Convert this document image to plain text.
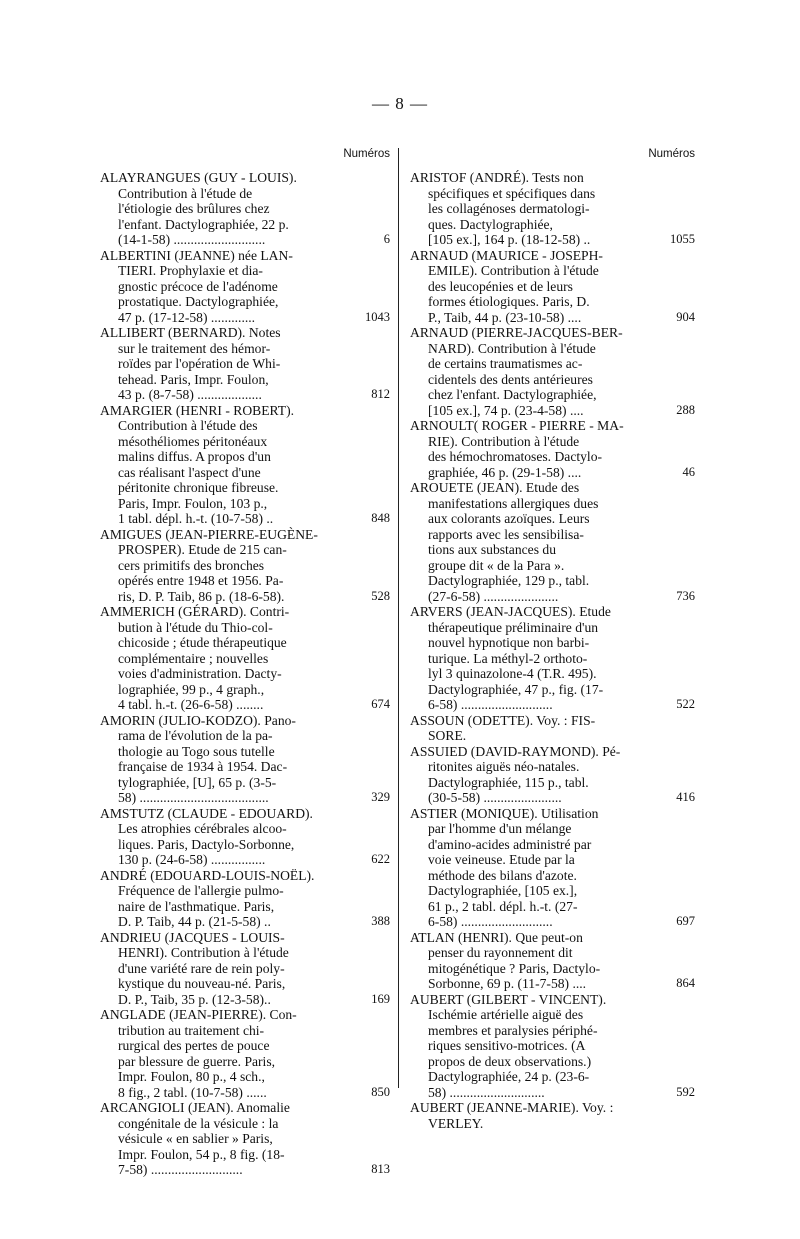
— 8 —
Numéros
ALAYRANGUES (GUY - LOUIS).
Contribution à l'étude de
l'étiologie des brûlures chez
l'enfant. Dactylographiée, 22 p.
(14-1-58) ...........................	6
ALBERTINI (JEANNE) née LAN-
TIERI. Prophylaxie et dia-
gnostic précoce de l'adénome
prostatique. Dactylographiée,
47 p. (17-12-58) .............	1043
ALLIBERT (BERNARD). Notes
sur le traitement des hémor-
roïdes par l'opération de Whi-
tehead. Paris, Impr. Foulon,
43 p. (8-7-58) ...................	812
AMARGIER (HENRI - ROBERT).
Contribution à l'étude des
mésothéliomes péritonéaux
malins diffus. A propos d'un
cas réalisant l'aspect d'une
péritonite chronique fibreuse.
Paris, Impr. Foulon, 103 p.,
1 tabl. dépl. h.-t. (10-7-58) ..	848
AMIGUES (JEAN-PIERRE-EUGÈNE-
PROSPER). Etude de 215 can-
cers primitifs des bronches
opérés entre 1948 et 1956. Pa-
ris, D. P. Taib, 86 p. (18-6-58).	528
AMMERICH (GÉRARD). Contri-
bution à l'étude du Thio-col-
chicoside ; étude thérapeutique
complémentaire ; nouvelles
voies d'administration. Dacty-
lographiée, 99 p., 4 graph.,
4 tabl. h.-t. (26-6-58) ........	674
AMORIN (JULIO-KODZO). Pano-
rama de l'évolution de la pa-
thologie au Togo sous tutelle
française de 1934 à 1954. Dac-
tylographiée, [U], 65 p. (3-5-
58) ......................................	329
AMSTUTZ (CLAUDE - EDOUARD).
Les atrophies cérébrales alcoo-
liques. Paris, Dactylo-Sorbonne,
130 p. (24-6-58) ................	622
ANDRÉ (EDOUARD-LOUIS-NOËL).
Fréquence de l'allergie pulmo-
naire de l'asthmatique. Paris,
D. P. Taib, 44 p. (21-5-58) ..	388
ANDRIEU (JACQUES - LOUIS-
HENRI). Contribution à l'étude
d'une variété rare de rein poly-
kystique du nouveau-né. Paris,
D. P., Taib, 35 p. (12-3-58)..	169
ANGLADE (JEAN-PIERRE). Con-
tribution au traitement chi-
rurgical des pertes de pouce
par blessure de guerre. Paris,
Impr. Foulon, 80 p., 4 sch.,
8 fig., 2 tabl. (10-7-58) ......	850
ARCANGIOLI (JEAN). Anomalie
congénitale de la vésicule : la
vésicule « en sablier » Paris,
Impr. Foulon, 54 p., 8 fig. (18-
7-58) ...........................	813
Numéros
ARISTOF (ANDRÉ). Tests non
spécifiques et spécifiques dans
les collagénoses dermatologi-
ques. Dactylographiée,
[105 ex.], 164 p. (18-12-58) ..	1055
ARNAUD (MAURICE - JOSEPH-
EMILE). Contribution à l'étude
des leucopénies et de leurs
formes étiologiques. Paris, D.
P., Taib, 44 p. (23-10-58) ....	904
ARNAUD (PIERRE-JACQUES-BER-
NARD). Contribution à l'étude
de certains traumatismes ac-
cidentels des dents antérieures
chez l'enfant. Dactylographiée,
[105 ex.], 74 p. (23-4-58) ....	288
ARNOULT( ROGER - PIERRE - MA-
RIE). Contribution à l'étude
des hémochromatoses. Dactylo-
graphiée, 46 p. (29-1-58) ....	46
AROUETE (JEAN). Etude des
manifestations allergiques dues
aux colorants azoïques. Leurs
rapports avec les sensibilisa-
tions aux substances du
groupe dit « de la Para ».
Dactylographiée, 129 p., tabl.
(27-6-58) ......................	736
ARVERS (JEAN-JACQUES). Etude
thérapeutique préliminaire d'un
nouvel hypnotique non barbi-
turique. La méthyl-2 orthoto-
lyl 3 quinazolone-4 (T.R. 495).
Dactylographiée, 47 p., fig. (17-
6-58) ...........................	522
ASSOUN (ODETTE). Voy. : FIS-
SORE.
ASSUIED (DAVID-RAYMOND). Pé-
ritonites aiguës néo-natales.
Dactylographiée, 115 p., tabl.
(30-5-58) .......................	416
ASTIER (MONIQUE). Utilisation
par l'homme d'un mélange
d'amino-acides administré par
voie veineuse. Etude par la
méthode des bilans d'azote.
Dactylographiée, [105 ex.],
61 p., 2 tabl. dépl. h.-t. (27-
6-58) ...........................	697
ATLAN (HENRI). Que peut-on
penser du rayonnement dit
mitogénétique ? Paris, Dactylo-
Sorbonne, 69 p. (11-7-58) ....	864
AUBERT (GILBERT - VINCENT).
Ischémie artérielle aiguë des
membres et paralysies périphé-
riques sensitivo-motrices. (A
propos de deux observations.)
Dactylographiée, 24 p. (23-6-
58) ............................	592
AUBERT (JEANNE-MARIE). Voy. :
VERLEY.
